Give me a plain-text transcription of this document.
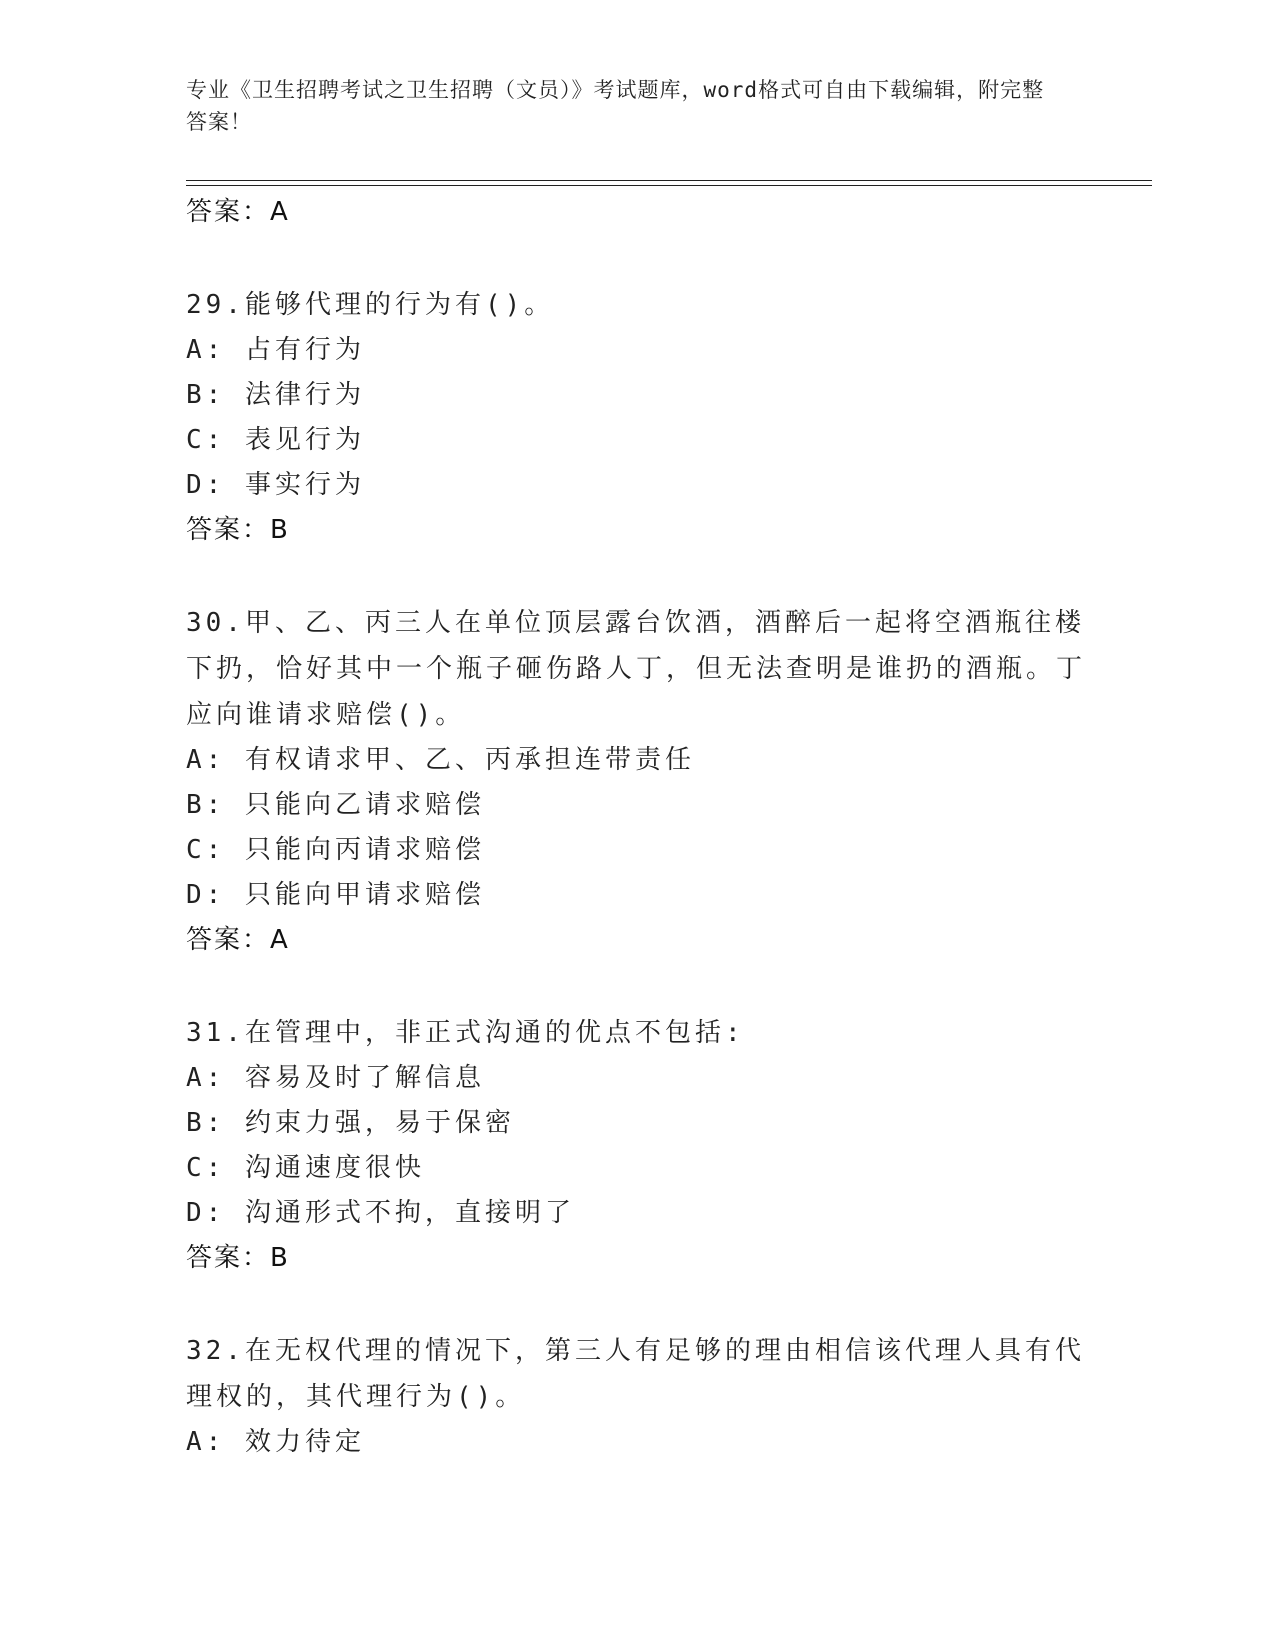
专业《卫生招聘考试之卫生招聘（文员）》考试题库，word格式可自由下载编辑，附完整答案！
答案：A
29.能够代理的行为有()。
A: 占有行为
B: 法律行为
C: 表见行为
D: 事实行为
答案：B
30.甲、乙、丙三人在单位顶层露台饮酒，酒醉后一起将空酒瓶往楼下扔，恰好其中一个瓶子砸伤路人丁，但无法查明是谁扔的酒瓶。丁应向谁请求赔偿()。
A: 有权请求甲、乙、丙承担连带责任
B: 只能向乙请求赔偿
C: 只能向丙请求赔偿
D: 只能向甲请求赔偿
答案：A
31.在管理中，非正式沟通的优点不包括:
A: 容易及时了解信息
B: 约束力强，易于保密
C: 沟通速度很快
D: 沟通形式不拘，直接明了
答案：B
32.在无权代理的情况下，第三人有足够的理由相信该代理人具有代理权的，其代理行为()。
A: 效力待定
